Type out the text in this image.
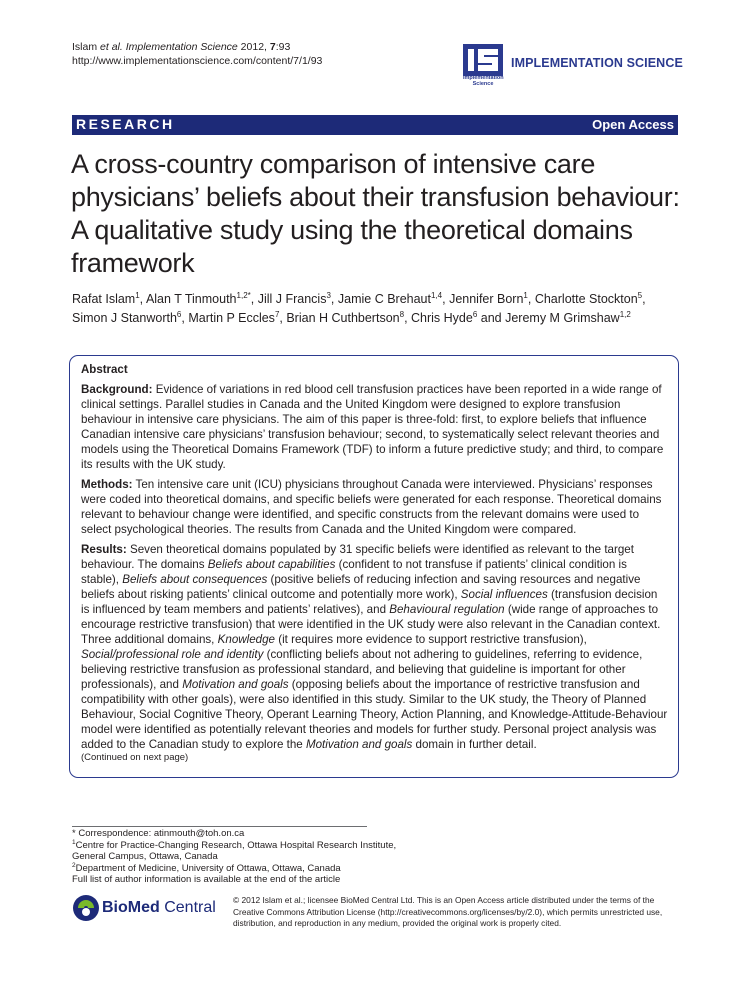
Islam et al. Implementation Science 2012, 7:93
http://www.implementationscience.com/content/7/1/93
Implementation
Science
IMPLEMENTATION SCIENCE
RESEARCH	Open Access
A cross-country comparison of intensive care physicians’ beliefs about their transfusion behaviour: A qualitative study using the theoretical domains framework
Rafat Islam$^1$, Alan T Tinmouth$^{1,2*}$, Jill J Francis$^3$, Jamie C Brehaut$^{1,4}$, Jennifer Born$^1$, Charlotte Stockton$^5$,
Simon J Stanworth$^6$, Martin P Eccles$^7$, Brian H Cuthbertson$^8$, Chris Hyde$^6$ and Jeremy M Grimshaw$^{1,2}$
Abstract

Background: Evidence of variations in red blood cell transfusion practices have been reported in a wide range of clinical settings. Parallel studies in Canada and the United Kingdom were designed to explore transfusion behaviour in intensive care physicians. The aim of this paper is three-fold: first, to explore beliefs that influence Canadian intensive care physicians’ transfusion behaviour; second, to systematically select relevant theories and models using the Theoretical Domains Framework (TDF) to inform a future predictive study; and third, to compare its results with the UK study.

Methods: Ten intensive care unit (ICU) physicians throughout Canada were interviewed. Physicians’ responses were coded into theoretical domains, and specific beliefs were generated for each response. Theoretical domains relevant to behaviour change were identified, and specific constructs from the relevant domains were used to select psychological theories. The results from Canada and the United Kingdom were compared.

Results: Seven theoretical domains populated by 31 specific beliefs were identified as relevant to the target behaviour. The domains Beliefs about capabilities (confident to not transfuse if patients’ clinical condition is stable), Beliefs about consequences (positive beliefs of reducing infection and saving resources and negative beliefs about risking patients’ clinical outcome and potentially more work), Social influences (transfusion decision is influenced by team members and patients’ relatives), and Behavioural regulation (wide range of approaches to encourage restrictive transfusion) that were identified in the UK study were also relevant in the Canadian context. Three additional domains, Knowledge (it requires more evidence to support restrictive transfusion), Social/professional role and identity (conflicting beliefs about not adhering to guidelines, referring to evidence, believing restrictive transfusion as professional standard, and believing that guideline is important for other professionals), and Motivation and goals (opposing beliefs about the importance of restrictive transfusion and compatibility with other goals), were also identified in this study. Similar to the UK study, the Theory of Planned Behaviour, Social Cognitive Theory, Operant Learning Theory, Action Planning, and Knowledge-Attitude-Behaviour model were identified as potentially relevant theories and models for further study. Personal project analysis was added to the Canadian study to explore the Motivation and goals domain in further detail.

(Continued on next page)
* Correspondence: atinmouth@toh.on.ca
$^1$Centre for Practice-Changing Research, Ottawa Hospital Research Institute,
General Campus, Ottawa, Canada
$^2$Department of Medicine, University of Ottawa, Ottawa, Canada
Full list of author information is available at the end of the article
BioMed Central © 2012 Islam et al.; licensee BioMed Central Ltd. This is an Open Access article distributed under the terms of the Creative Commons Attribution License (http://creativecommons.org/licenses/by/2.0), which permits unrestricted use, distribution, and reproduction in any medium, provided the original work is properly cited.
